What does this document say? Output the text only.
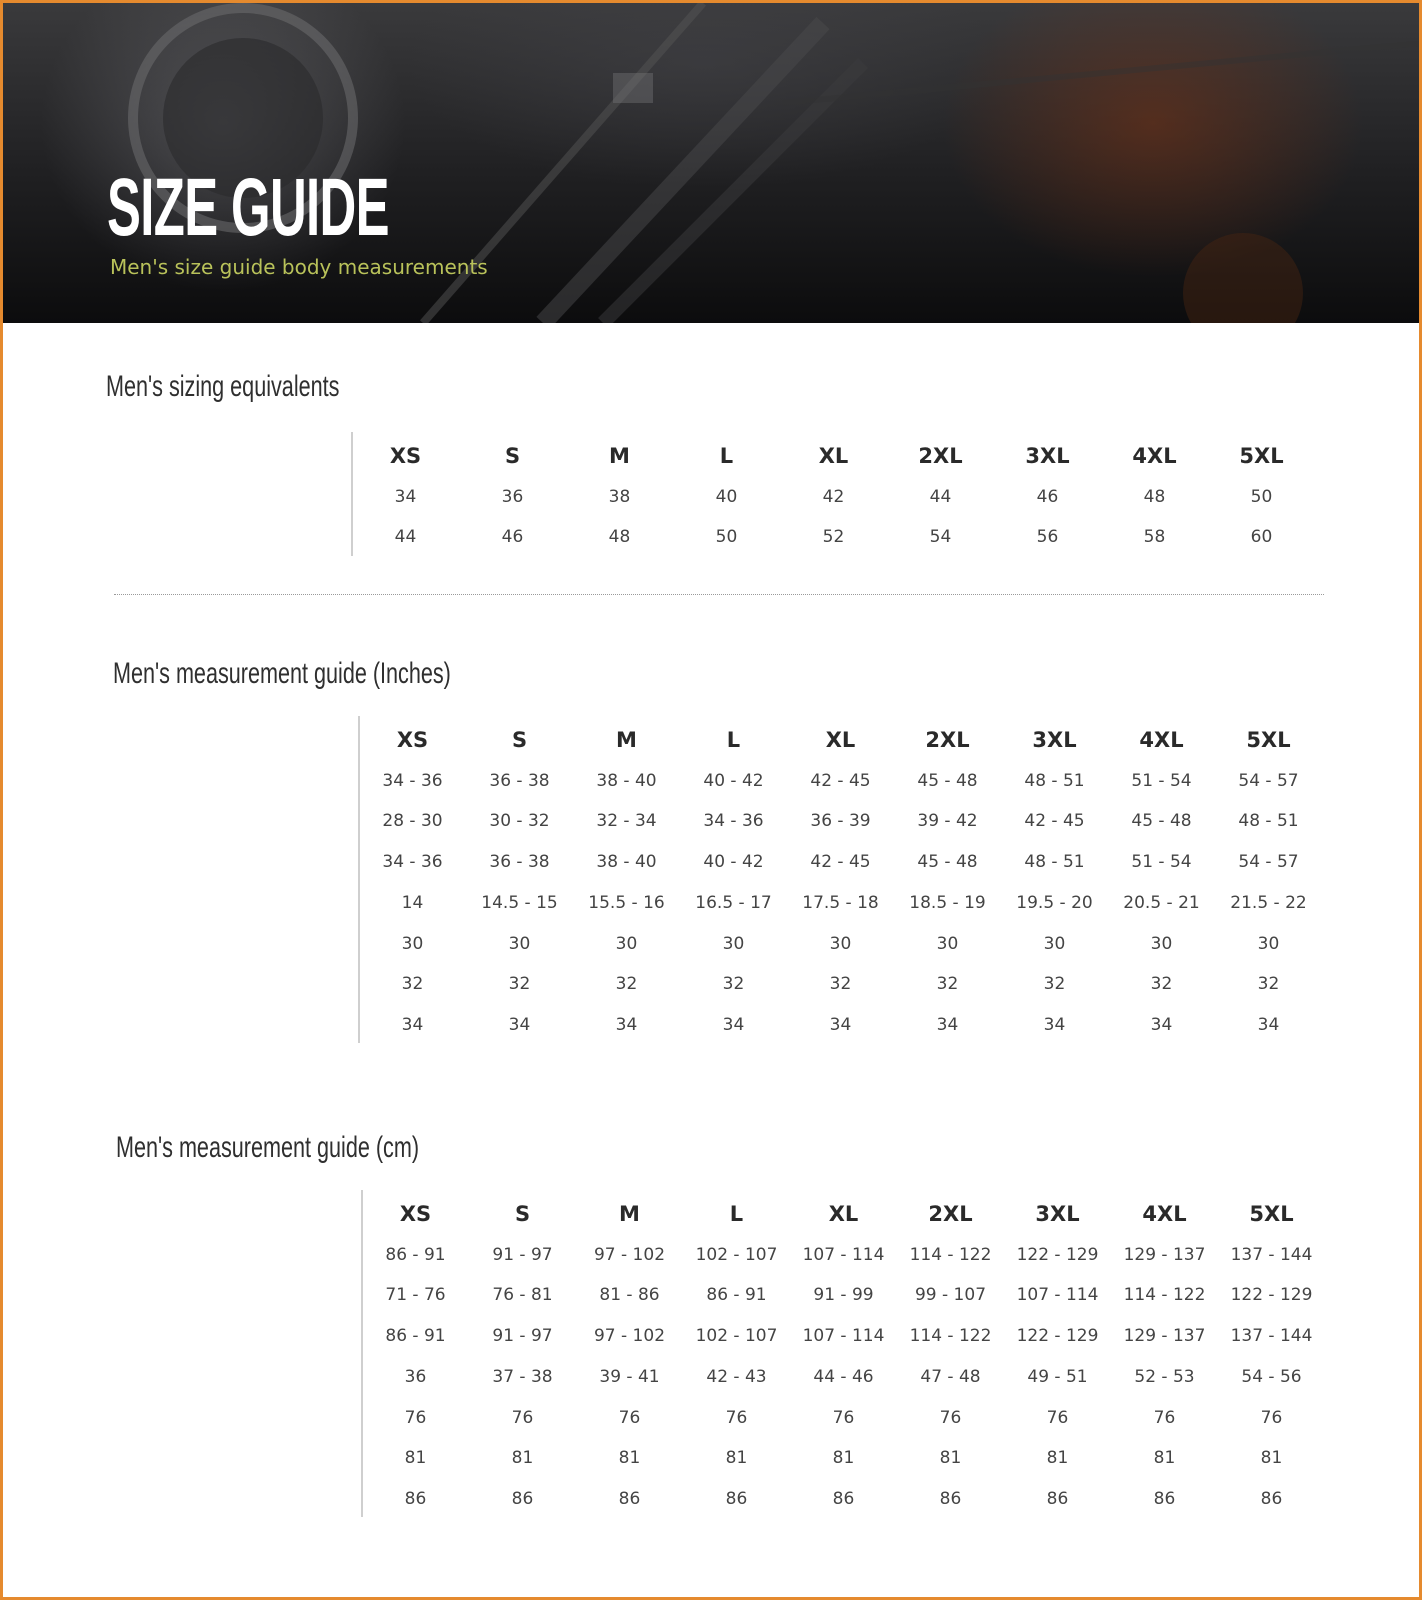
SIZE GUIDE
Men's size guide body measurements
Men's sizing equivalents
XS	S	M	L	XL	2XL	3XL	4XL	5XL
34	36	38	40	42	44	46	48	50
44	46	48	50	52	54	56	58	60
Men's measurement guide (Inches)
XS	S	M	L	XL	2XL	3XL	4XL	5XL
34 - 36	36 - 38	38 - 40	40 - 42	42 - 45	45 - 48	48 - 51	51 - 54	54 - 57
28 - 30	30 - 32	32 - 34	34 - 36	36 - 39	39 - 42	42 - 45	45 - 48	48 - 51
34 - 36	36 - 38	38 - 40	40 - 42	42 - 45	45 - 48	48 - 51	51 - 54	54 - 57
14	14.5 - 15	15.5 - 16	16.5 - 17	17.5 - 18	18.5 - 19	19.5 - 20	20.5 - 21	21.5 - 22
30	30	30	30	30	30	30	30	30
32	32	32	32	32	32	32	32	32
34	34	34	34	34	34	34	34	34
Men's measurement guide (cm)
XS	S	M	L	XL	2XL	3XL	4XL	5XL
86 - 91	91 - 97	97 - 102	102 - 107	107 - 114	114 - 122	122 - 129	129 - 137	137 - 144
71 - 76	76 - 81	81 - 86	86 - 91	91 - 99	99 - 107	107 - 114	114 - 122	122 - 129
86 - 91	91 - 97	97 - 102	102 - 107	107 - 114	114 - 122	122 - 129	129 - 137	137 - 144
36	37 - 38	39 - 41	42 - 43	44 - 46	47 - 48	49 - 51	52 - 53	54 - 56
76	76	76	76	76	76	76	76	76
81	81	81	81	81	81	81	81	81
86	86	86	86	86	86	86	86	86
